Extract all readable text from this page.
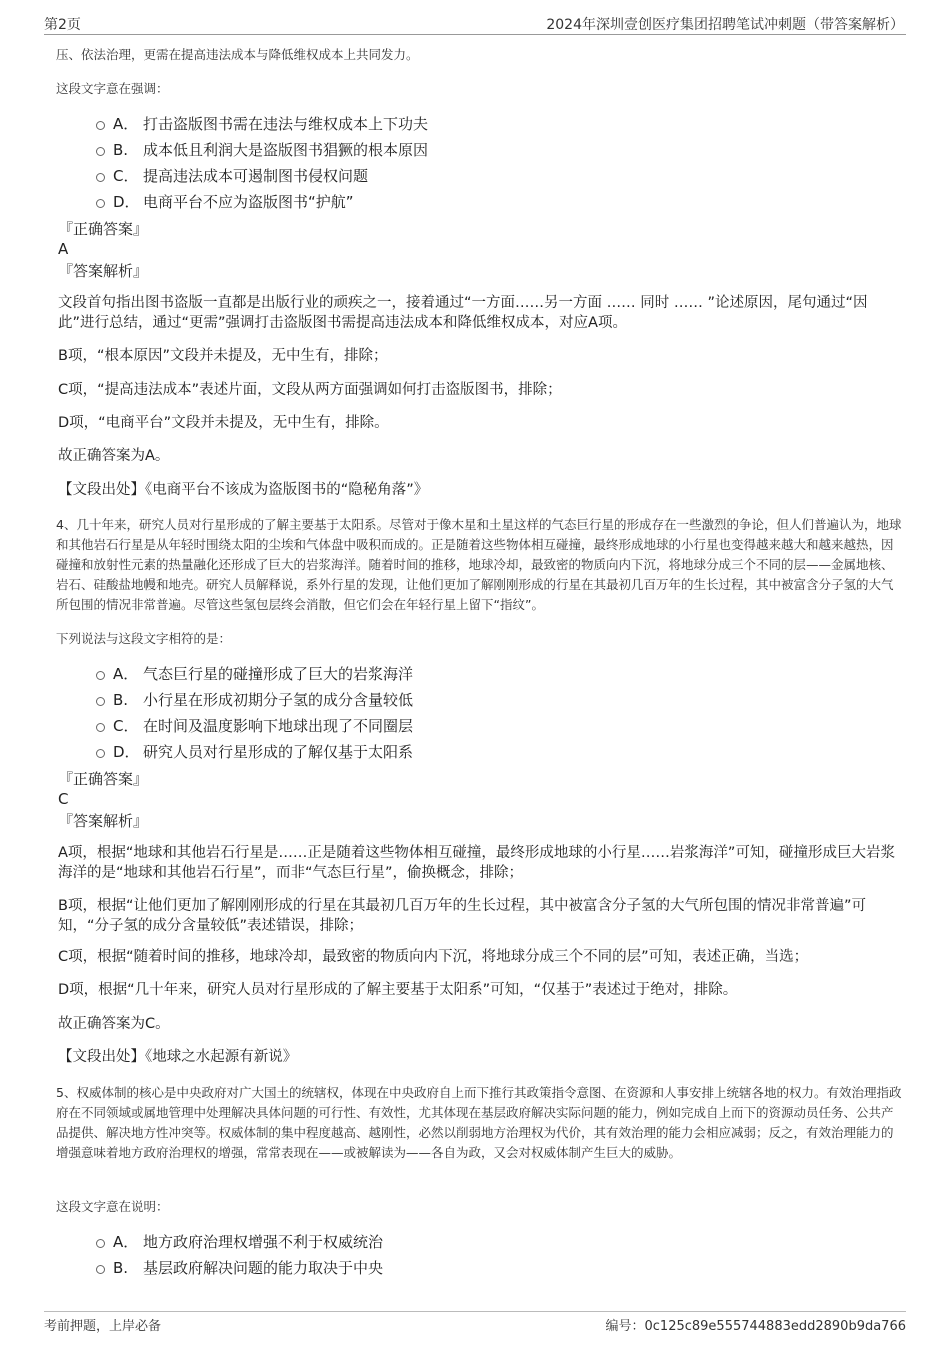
第2页	2024年深圳壹创医疗集团招聘笔试冲刺题（带答案解析）
压、依法治理，更需在提高违法成本与降低维权成本上共同发力。
这段文字意在强调：
A． 打击盗版图书需在违法与维权成本上下功夫
B. 成本低且利润大是盗版图书猖獗的根本原因
C． 提高违法成本可遏制图书侵权问题
D． 电商平台不应为盗版图书“护航”
『正确答案』
A
『答案解析』
文段首句指出图书盗版一直都是出版行业的顽疾之一，接着通过“一方面……另一方面 …… 同时 …… ”论述原因，尾句通过“因此”进行总结，通过“更需”强调打击盗版图书需提高违法成本和降低维权成本，对应A项。
B项，“根本原因”文段并未提及，无中生有，排除；
C项，“提高违法成本”表述片面，文段从两方面强调如何打击盗版图书，排除；
D项，“电商平台”文段并未提及，无中生有，排除。
故正确答案为A。
【文段出处】《电商平台不该成为盗版图书的“隐秘角落”》
4、几十年来，研究人员对行星形成的了解主要基于太阳系。尽管对于像木星和土星这样的气态巨行星的形成存在一些激烈的争论，但人们普遍认为，地球和其他岩石行星是从年轻时围绕太阳的尘埃和气体盘中吸积而成的。正是随着这些物体相互碰撞，最终形成地球的小行星也变得越来越大和越来越热，因碰撞和放射性元素的热量融化还形成了巨大的岩浆海洋。随着时间的推移，地球冷却，最致密的物质向内下沉，将地球分成三个不同的层——金属地核、岩石、硅酸盐地幔和地壳。研究人员解释说，系外行星的发现，让他们更加了解刚刚形成的行星在其最初几百万年的生长过程，其中被富含分子氢的大气所包围的情况非常普遍。尽管这些氢包层终会消散，但它们会在年轻行星上留下“指纹”。
下列说法与这段文字相符的是：
A． 气态巨行星的碰撞形成了巨大的岩浆海洋
B. 小行星在形成初期分子氢的成分含量较低
C． 在时间及温度影响下地球出现了不同圈层
D． 研究人员对行星形成的了解仅基于太阳系
『正确答案』
C
『答案解析』
A项，根据“地球和其他岩石行星是……正是随着这些物体相互碰撞，最终形成地球的小行星……岩浆海洋”可知，碰撞形成巨大岩浆海洋的是“地球和其他岩石行星”，而非“气态巨行星”，偷换概念，排除；
B项，根据“让他们更加了解刚刚形成的行星在其最初几百万年的生长过程，其中被富含分子氢的大气所包围的情况非常普遍”可知，“分子氢的成分含量较低”表述错误，排除；
C项，根据“随着时间的推移，地球冷却，最致密的物质向内下沉，将地球分成三个不同的层”可知，表述正确，当选；
D项，根据“几十年来，研究人员对行星形成的了解主要基于太阳系”可知，“仅基于”表述过于绝对，排除。
故正确答案为C。
【文段出处】《地球之水起源有新说》
5、权威体制的核心是中央政府对广大国土的统辖权，体现在中央政府自上而下推行其政策指令意图、在资源和人事安排上统辖各地的权力。有效治理指政府在不同领域或属地管理中处理解决具体问题的可行性、有效性，尤其体现在基层政府解决实际问题的能力，例如完成自上而下的资源动员任务、公共产品提供、解决地方性冲突等。权威体制的集中程度越高、越刚性，必然以削弱地方治理权为代价，其有效治理的能力会相应减弱；反之，有效治理能力的增强意味着地方政府治理权的增强，常常表现在——或被解读为——各自为政，又会对权威体制产生巨大的威胁。
这段文字意在说明：
A． 地方政府治理权增强不利于权威统治
B. 基层政府解决问题的能力取决于中央
考前押题，上岸必备	编号：0c125c89e555744883edd2890b9da766
